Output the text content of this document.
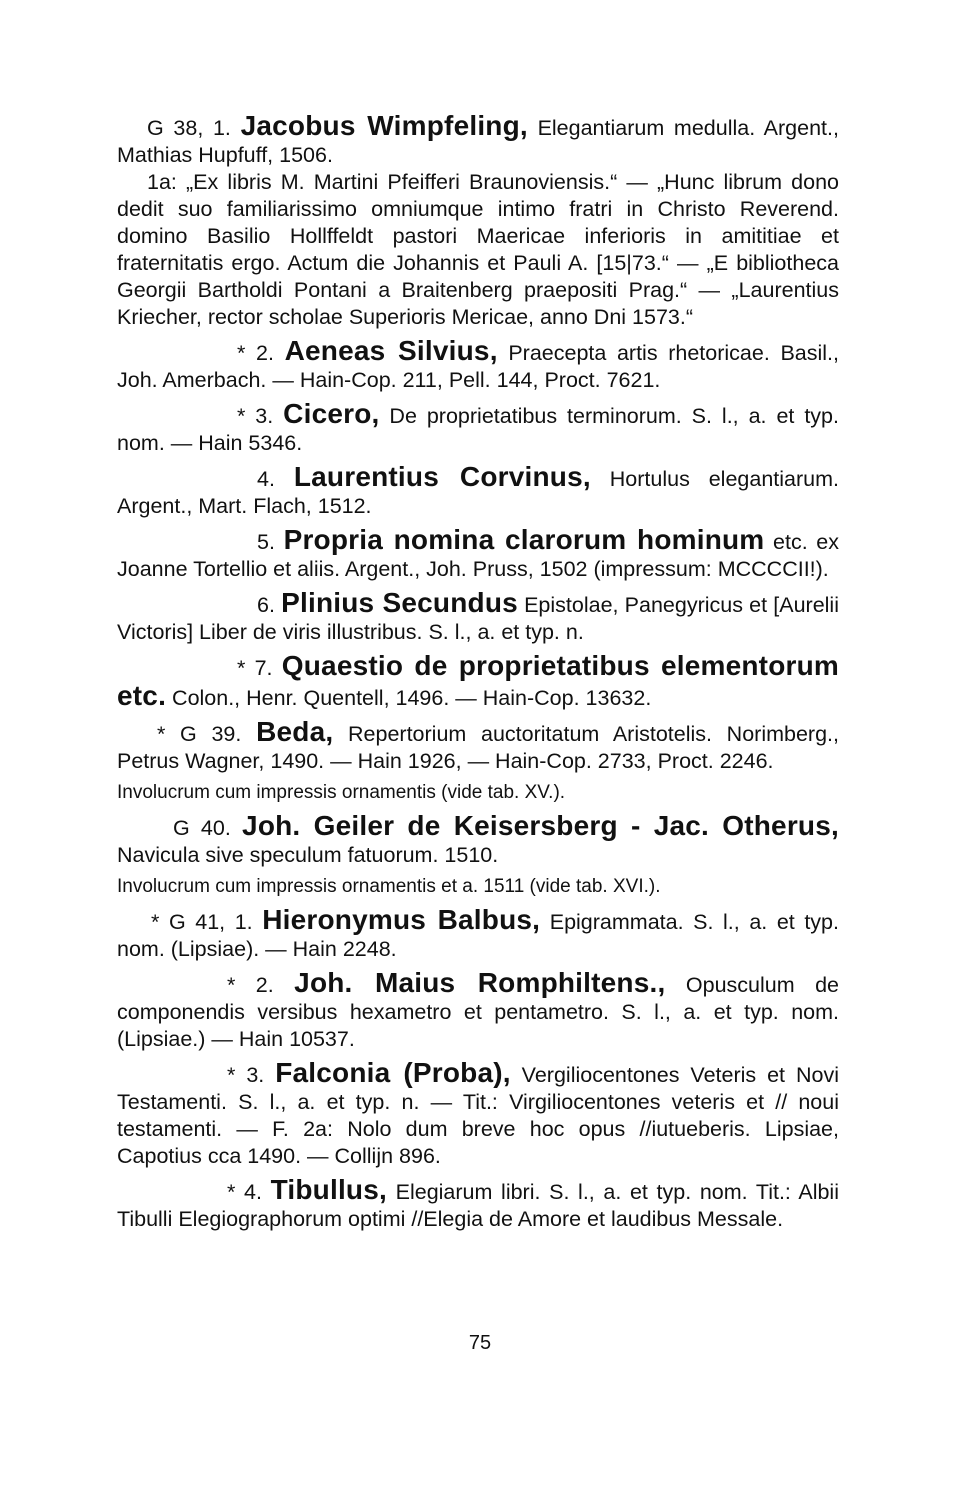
G 38, 1. Jacobus Wimpfeling, Elegantiarum medulla. Argent., Mathias Hupfuff, 1506.

1a: „Ex libris M. Martini Pfeifferi Braunoviensis.“ — „Hunc librum dono dedit suo familiarissimo omniumque intimo fratri in Christo Reverend. domino Basilio Hollffeldt pastori Maericae inferioris in amititiae et fraternitatis ergo. Actum die Johannis et Pauli A. [15|73.“ — „E bibliotheca Georgii Bartholdi Pontani a Braitenberg praepositi Prag.“ — „Laurentius Kriecher, rector scholae Superioris Mericae, anno Dni 1573.“

* 2. Aeneas Silvius, Praecepta artis rhetoricae. Basil., Joh. Amerbach. — Hain-Cop. 211, Pell. 144, Proct. 7621.

* 3. Cicero, De proprietatibus terminorum. S. l., a. et typ. nom. — Hain 5346.

4. Laurentius Corvinus, Hortulus elegantiarum. Argent., Mart. Flach, 1512.

5. Propria nomina clarorum hominum etc. ex Joanne Tortellio et aliis. Argent., Joh. Pruss, 1502 (impressum: MCCCCII!).

6. Plinius Secundus Epistolae, Panegyricus et [Aurelii Victoris] Liber de viris illustribus. S. l., a. et typ. n.

* 7. Quaestio de proprietatibus elementorum etc. Colon., Henr. Quentell, 1496. — Hain-Cop. 13632.

* G 39. Beda, Repertorium auctoritatum Aristotelis. Norimberg., Petrus Wagner, 1490. — Hain 1926, — Hain-Cop. 2733, Proct. 2246.

Involucrum cum impressis ornamentis (vide tab. XV.).

G 40. Joh. Geiler de Keisersberg - Jac. Otherus, Navicula sive speculum fatuorum. 1510.

Involucrum cum impressis ornamentis et a. 1511 (vide tab. XVI.).

* G 41, 1. Hieronymus Balbus, Epigrammata. S. l., a. et typ. nom. (Lipsiae). — Hain 2248.

* 2. Joh. Maius Romphiltens., Opusculum de componendis versibus hexametro et pentametro. S. l., a. et typ. nom. (Lipsiae.) — Hain 10537.

* 3. Falconia (Proba), Vergiliocentones Veteris et Novi Testamenti. S. l., a. et typ. n. — Tit.: Virgiliocentones veteris et // noui testamenti. — F. 2a: Nolo dum breve hoc opus //iutueberis. Lipsiae, Capotius cca 1490. — Collijn 896.

* 4. Tibullus, Elegiarum libri. S. l., a. et typ. nom. Tit.: Albii Tibulli Elegiographorum optimi //Elegia de Amore et laudibus Messale.

75
